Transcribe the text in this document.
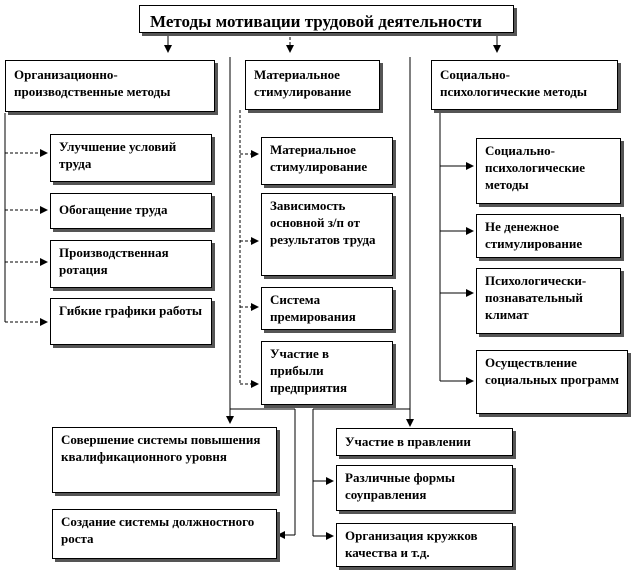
Методы мотивации трудовой деятельности
Организационно-производственные методы
Материальное стимулирование
Социально-психологические методы
Улучшение условий труда
Обогащение труда
Производственная ротация
Гибкие графики работы
Материальное стимулирование
Зависимость основной з/п от результатов труда
Система премирования
Участие в прибыли предприятия
Социально-психологические методы
Не денежное стимулирование
Психологически-познавательный климат
Осуществление социальных программ
Совершение системы повышения квалификационного уровня
Создание системы должностного роста
Участие в правлении
Различные формы соуправления
Организация кружков качества и т.д.
